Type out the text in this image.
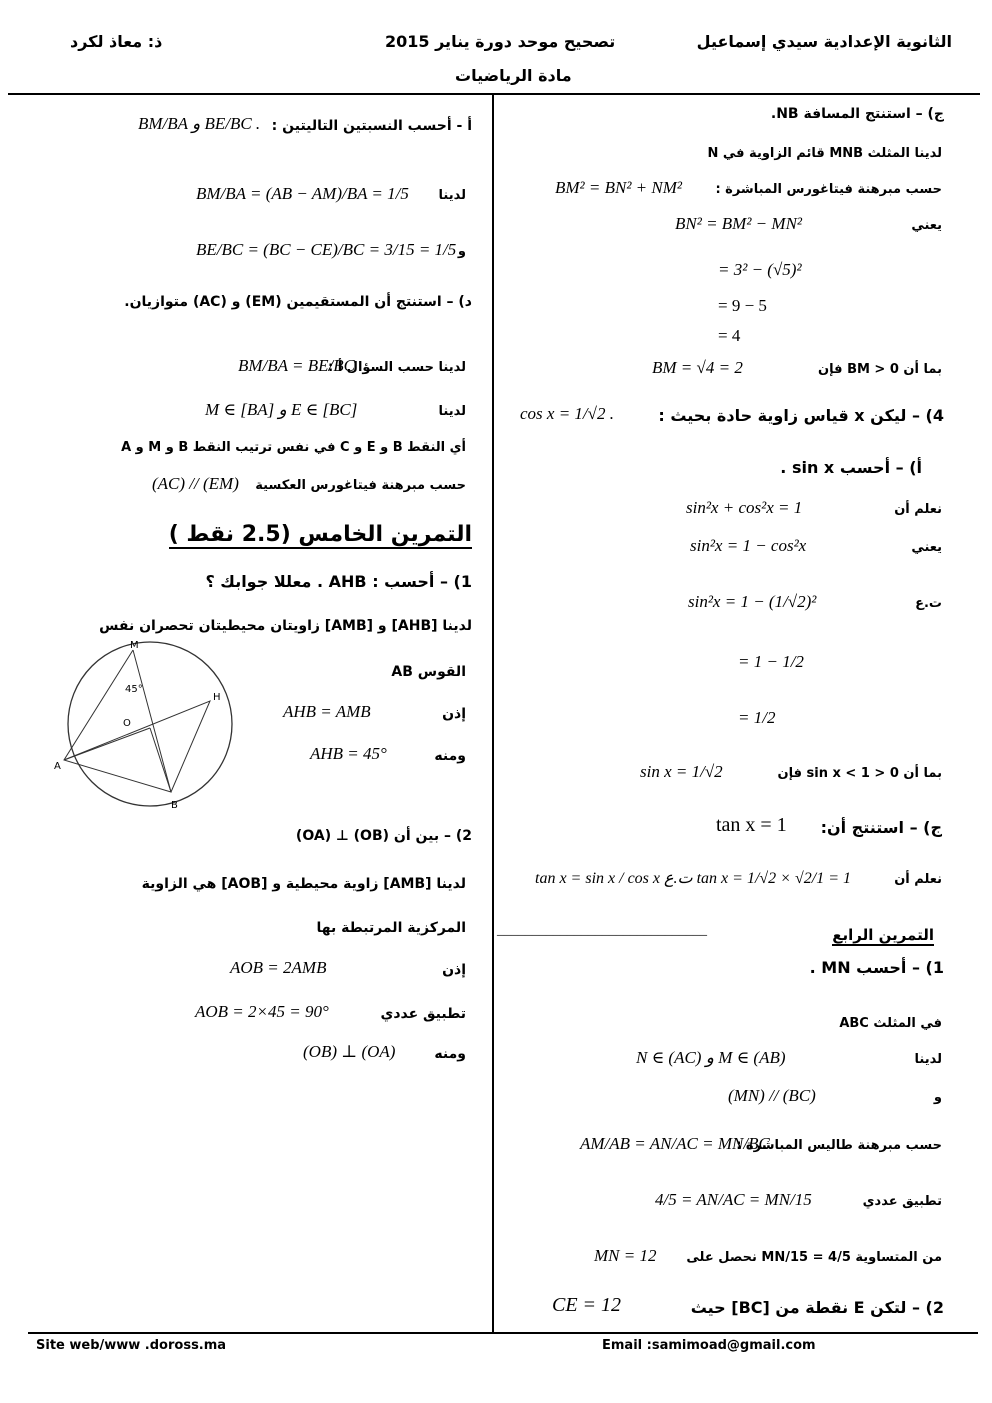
الثانوية الإعدادية سيدي إسماعيل
تصحيح موحد دورة يناير 2015
ذ: معاذ لكرد
مادة الرياضيات
ج) – استنتج المسافة NB.
لدينا المثلث MNB قائم الزاوية في N
حسب مبرهنة فيتاغورس المباشرة :
BM² = BN² + NM²
يعني
BN² = BM² − MN²
= 3² − (√5)²
= 9 − 5
= 4
بما أن BM > 0 فإن
BM = √4 = 2
4) – ليكن x قياس زاوية حادة بحيث :
cos x = 1/√2 .
أ) – أحسب sin x .
نعلم أن
sin²x + cos²x = 1
يعني
sin²x = 1 − cos²x
ت.ع
sin²x = 1 − (1/√2)²
= 1 − 1/2
= 1/2
بما أن 0 < sin x < 1 فإن
sin x = 1/√2
ج) – استنتج أن:
tan x = 1
نعلم أن
tan x = sin x / cos x ت.ع tan x = 1/√2 × √2/1 = 1
التمرين الرابع
______________________________
1) – أحسب MN .
في المثلث ABC
لدينا
N ∈ (AC) و M ∈ (AB)
و
(MN) // (BC)
حسب مبرهنة طاليس المباشرة :
AM/AB = AN/AC = MN/BC
تطبيق عددي
4/5 = AN/AC = MN/15
من المتساوية 4/5 = MN/15 نحصل على
MN = 12
2) – لتكن E نقطة من [BC] حيث
CE = 12
أ - أحسب النسبتين التاليتين :
BM/BA و BE/BC .
لدينا
BM/BA = (AB − AM)/BA = 1/5
و
BE/BC = (BC − CE)/BC = 3/15 = 1/5
د) – استنتج أن المستقيمين (EM) و (AC) متوازيان.
لدينا حسب السؤال أ :
BM/BA = BE/BC
لدينا
M ∈ [BA] و E ∈ [BC]
أي النقط B و E و C في نفس ترتيب النقط B و M و A
حسب مبرهنة فيتاغورس العكسية
(AC) // (EM)
التمرين الخامس (2.5 نقط )
1) – أحسب : AHB . معللا جوابك ؟
لدينا [AHB] و [AMB] زاويتان محيطيتان تحصران نفس
القوس AB
إذن
AHB = AMB
ومنه
AHB = 45°
M
H
O
A
B
45°
2) – بين أن (OB) ⊥ (OA)
لدينا [AMB] زاوية محيطية و [AOB] هي الزاوية
المركزية المرتبطة بها
إذن
AOB = 2AMB
تطبيق عددي
AOB = 2×45 = 90°
ومنه
(OB) ⊥ (OA)
Site web/www .doross.ma	Email :samimoad@gmail.com
